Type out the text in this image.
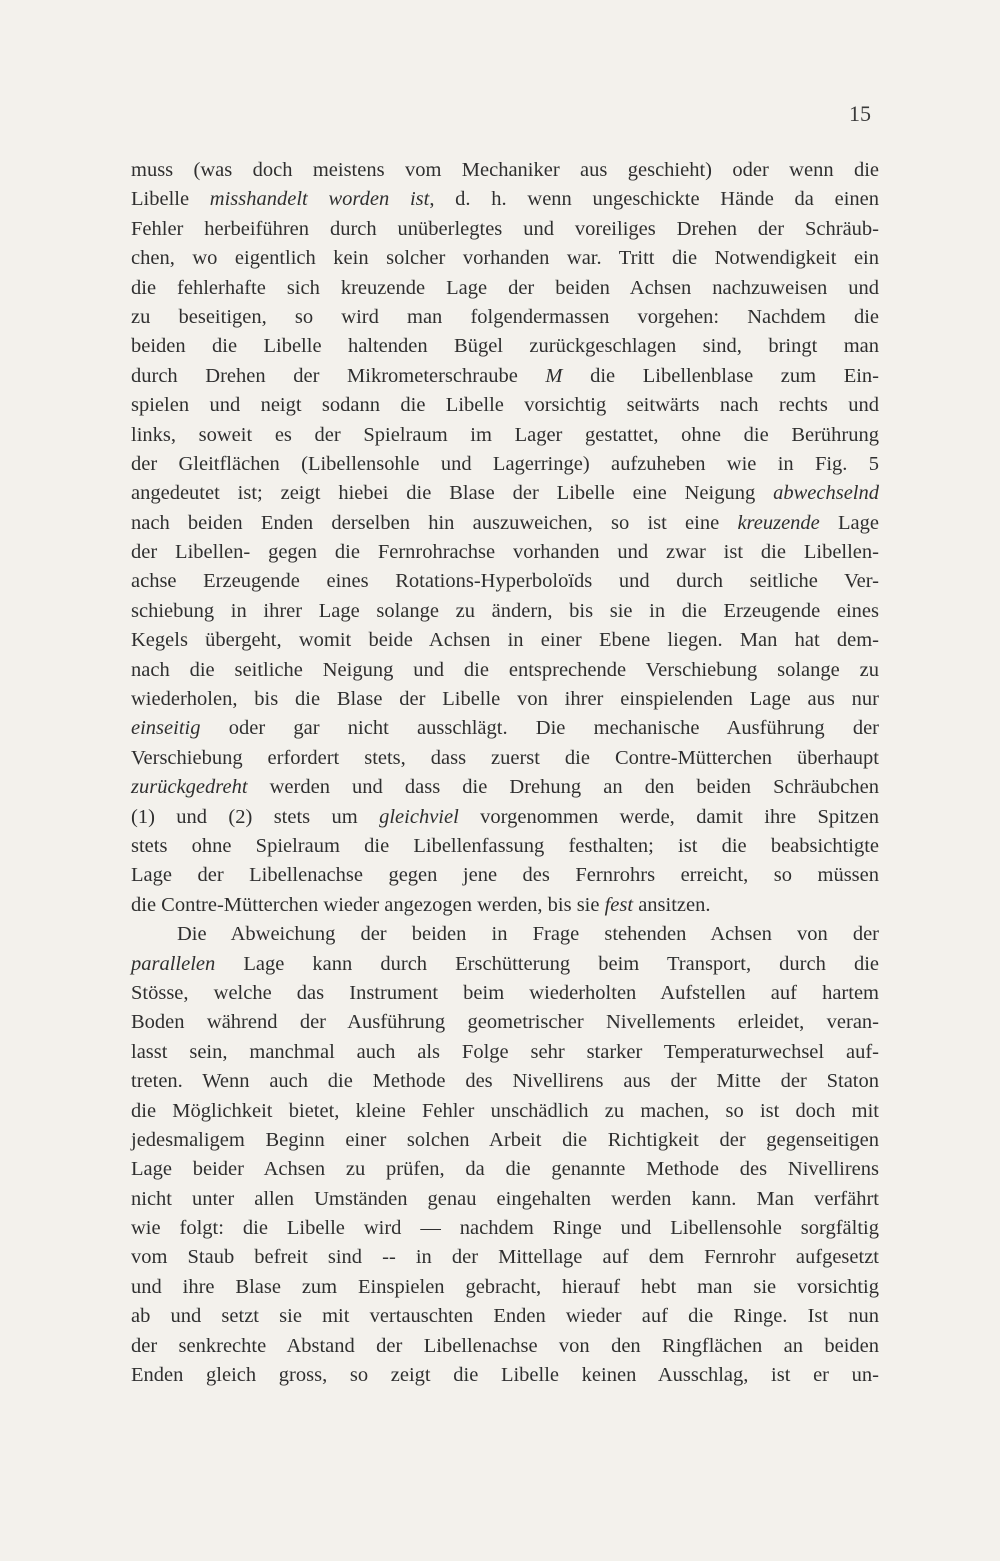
15
muss (was doch meistens vom Mechaniker aus geschieht) oder wenn die
Libelle misshandelt worden ist, d. h. wenn ungeschickte Hände da einen
Fehler herbeiführen durch unüberlegtes und voreiliges Drehen der Schräub-
chen, wo eigentlich kein solcher vorhanden war. Tritt die Notwendigkeit ein
die fehlerhafte sich kreuzende Lage der beiden Achsen nachzuweisen und
zu beseitigen, so wird man folgendermassen vorgehen: Nachdem die
beiden die Libelle haltenden Bügel zurückgeschlagen sind, bringt man
durch Drehen der Mikrometerschraube M die Libellenblase zum Ein-
spielen und neigt sodann die Libelle vorsichtig seitwärts nach rechts und
links, soweit es der Spielraum im Lager gestattet, ohne die Berührung
der Gleitflächen (Libellensohle und Lagerringe) aufzuheben wie in Fig. 5
angedeutet ist; zeigt hiebei die Blase der Libelle eine Neigung abwechselnd
nach beiden Enden derselben hin auszuweichen, so ist eine kreuzende Lage
der Libellen- gegen die Fernrohrachse vorhanden und zwar ist die Libellen-
achse Erzeugende eines Rotations-Hyperboloïds und durch seitliche Ver-
schiebung in ihrer Lage solange zu ändern, bis sie in die Erzeugende eines
Kegels übergeht, womit beide Achsen in einer Ebene liegen. Man hat dem-
nach die seitliche Neigung und die entsprechende Verschiebung solange zu
wiederholen, bis die Blase der Libelle von ihrer einspielenden Lage aus nur
einseitig oder gar nicht ausschlägt. Die mechanische Ausführung der
Verschiebung erfordert stets, dass zuerst die Contre-Mütterchen überhaupt
zurückgedreht werden und dass die Drehung an den beiden Schräubchen
(1) und (2) stets um gleichviel vorgenommen werde, damit ihre Spitzen
stets ohne Spielraum die Libellenfassung festhalten; ist die beabsichtigte
Lage der Libellenachse gegen jene des Fernrohrs erreicht, so müssen
die Contre-Mütterchen wieder angezogen werden, bis sie fest ansitzen.
Die Abweichung der beiden in Frage stehenden Achsen von der
parallelen Lage kann durch Erschütterung beim Transport, durch die
Stösse, welche das Instrument beim wiederholten Aufstellen auf hartem
Boden während der Ausführung geometrischer Nivellements erleidet, veran-
lasst sein, manchmal auch als Folge sehr starker Temperaturwechsel auf-
treten. Wenn auch die Methode des Nivellirens aus der Mitte der Staton
die Möglichkeit bietet, kleine Fehler unschädlich zu machen, so ist doch mit
jedesmaligem Beginn einer solchen Arbeit die Richtigkeit der gegenseitigen
Lage beider Achsen zu prüfen, da die genannte Methode des Nivellirens
nicht unter allen Umständen genau eingehalten werden kann. Man verfährt
wie folgt: die Libelle wird — nachdem Ringe und Libellensohle sorgfältig
vom Staub befreit sind -- in der Mittellage auf dem Fernrohr aufgesetzt
und ihre Blase zum Einspielen gebracht, hierauf hebt man sie vorsichtig
ab und setzt sie mit vertauschten Enden wieder auf die Ringe. Ist nun
der senkrechte Abstand der Libellenachse von den Ringflächen an beiden
Enden gleich gross, so zeigt die Libelle keinen Ausschlag, ist er un-
